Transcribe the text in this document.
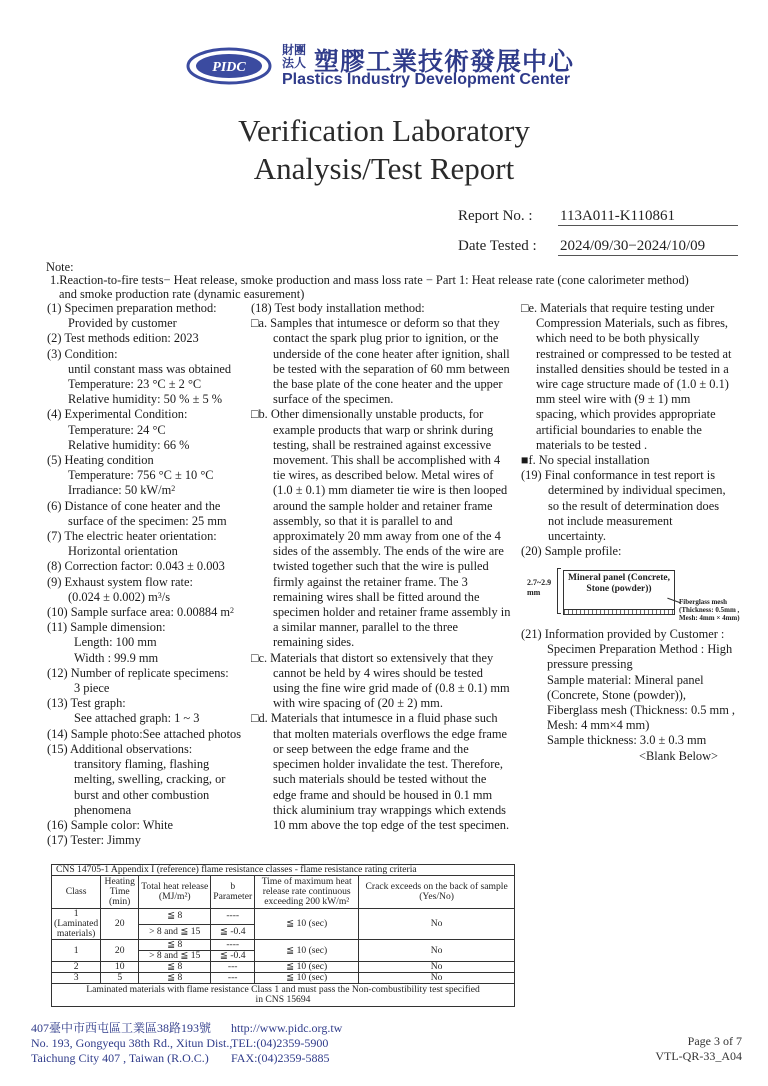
PIDC
財團 法人 塑膠工業技術發展中心
Plastics Industry Development Center
Verification Laboratory
Analysis/Test Report
Report No. : 113A011-K110861
Date Tested : 2024/09/30−2024/10/09
Note:
1.Reaction-to-fire tests− Heat release, smoke production and mass loss rate − Part 1: Heat release rate (cone calorimeter method)
and smoke production rate (dynamic easurement)
(1) Specimen preparation method:
Provided by customer
(2) Test methods edition: 2023
(3) Condition:
until constant mass was obtained
Temperature: 23 °C ± 2 °C
Relative humidity: 50 % ± 5 %
(4) Experimental Condition:
Temperature: 24 °C
Relative humidity: 66 %
(5) Heating condition
Temperature: 756 °C ± 10 °C
Irradiance: 50 $kW/m^2$
(6) Distance of cone heater and the
surface of the specimen: 25 mm
(7) The electric heater orientation:
Horizontal orientation
(8) Correction factor: 0.043 ± 0.003
(9) Exhaust system flow rate:
(0.024 ± 0.002) $m^3/s$
(10) Sample surface area: 0.00884 $m^2$
(11) Sample dimension:
Length: 100 mm
Width : 99.9 mm
(12) Number of replicate specimens:
3 piece
(13) Test graph:
See attached graph: 1 ~ 3
(14) Sample photo:See attached photos
(15) Additional observations:
transitory flaming, flashing
melting, swelling, cracking, or
burst and other combustion
phenomena
(16) Sample color: White
(17) Tester: Jimmy
(18) Test body installation method:
□a. Samples that intumesce or deform so that they
contact the spark plug prior to ignition, or the
underside of the cone heater after ignition, shall
be tested with the separation of 60 mm between
the base plate of the cone heater and the upper
surface of the specimen.
□b. Other dimensionally unstable products, for
example products that warp or shrink during
testing, shall be restrained against excessive
movement. This shall be accomplished with 4
tie wires, as described below. Metal wires of
(1.0 ± 0.1) mm diameter tie wire is then looped
around the sample holder and retainer frame
assembly, so that it is parallel to and
approximately 20 mm away from one of the 4
sides of the assembly. The ends of the wire are
twisted together such that the wire is pulled
firmly against the retainer frame. The 3
remaining wires shall be fitted around the
specimen holder and retainer frame assembly in
a similar manner, parallel to the three
remaining sides.
□c. Materials that distort so extensively that they
cannot be held by 4 wires should be tested
using the fine wire grid made of (0.8 ± 0.1) mm
with wire spacing of (20 ± 2) mm.
□d. Materials that intumesce in a fluid phase such
that molten materials overflows the edge frame
or seep between the edge frame and the
specimen holder invalidate the test. Therefore,
such materials should be tested without the
edge frame and should be housed in 0.1 mm
thick aluminium tray wrappings which extends
10 mm above the top edge of the test specimen.
□e. Materials that require testing under
Compression Materials, such as fibres,
which need to be both physically
restrained or compressed to be tested at
installed densities should be tested in a
wire cage structure made of (1.0 ± 0.1)
mm steel wire with (9 ± 1) mm
spacing, which provides appropriate
artificial boundaries to enable the
materials to be tested .
■f. No special installation
(19) Final conformance in test report is
determined by individual specimen,
so the result of determination does
not include measurement
uncertainty.
(20) Sample profile:
2.7~2.9 mm
Mineral panel (Concrete, Stone (powder))
Fiberglass mesh
(Thickness: 0.5mm ,
Mesh: 4mm × 4mm)
(21) Information provided by Customer :
Specimen Preparation Method : High
pressure pressing
Sample material: Mineral panel
(Concrete, Stone (powder)),
Fiberglass mesh (Thickness: 0.5 mm ,
Mesh: 4 mm×4 mm)
Sample thickness: 3.0 ± 0.3 mm
<Blank Below>
CNS 14705-1 Appendix I (reference) flame resistance classes - flame resistance rating criteria					
Class	Heating Time (min)	Total heat release (MJ/m²)	b Parameter	Time of maximum heat release rate continuous exceeding 200 kW/m²	Crack exceeds on the back of sample (Yes/No)
1 (Laminated materials)	20	≦ 8	----	≦ 10 (sec)	No
		> 8 and ≦ 15	≦ -0.4		
1	20	≦ 8	----	≦ 10 (sec)	No
		> 8 and ≦ 15	≦ -0.4		
2	10	≦ 8	---	≦ 10 (sec)	No
3	5	≦ 8	---	≦ 10 (sec)	No
Laminated materials with flame resistance Class 1 and must pass the Non-combustibility test specified in CNS 15694					
407臺中市西屯區工業區38路193號
No. 193, Gongyequ 38th Rd., Xitun Dist.,
Taichung City 407 , Taiwan (R.O.C.)
http://www.pidc.org.tw
TEL:(04)2359-5900
FAX:(04)2359-5885
Page 3 of 7
VTL-QR-33_A04
